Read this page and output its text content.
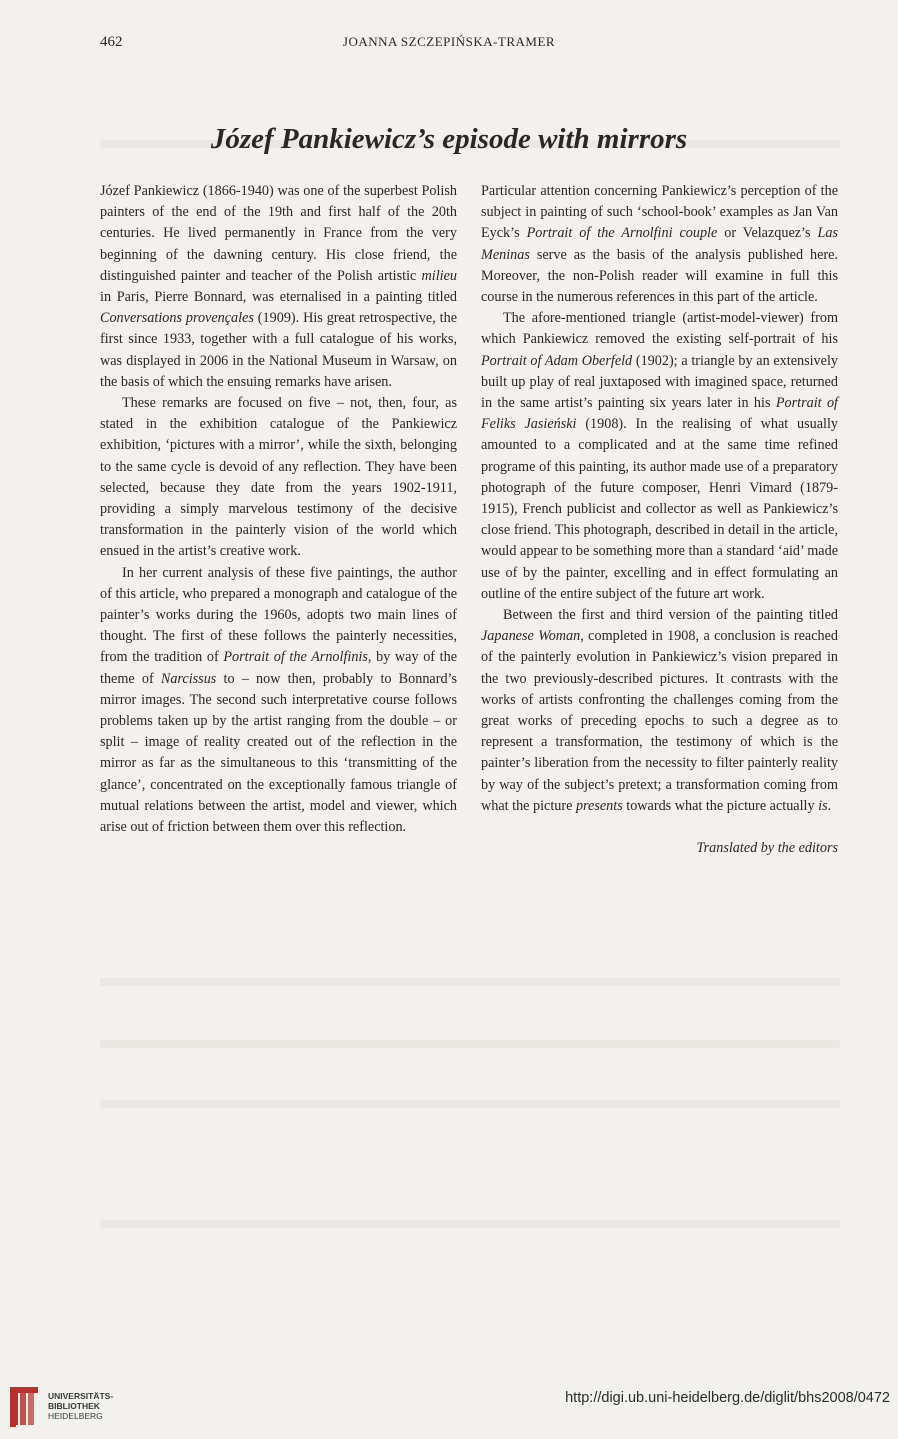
462	JOANNA SZCZEPIŃSKA-TRAMER
Józef Pankiewicz’s episode with mirrors

Józef Pankiewicz (1866-1940) was one of the superbest Polish painters of the end of the 19th and first half of the 20th centuries. He lived permanently in France from the very beginning of the dawning century. His close friend, the distinguished painter and teacher of the Polish artistic milieu in Paris, Pierre Bonnard, was eternalised in a painting titled Conversations provençales (1909). His great retrospective, the first since 1933, together with a full catalogue of his works, was displayed in 2006 in the National Museum in Warsaw, on the basis of which the ensuing remarks have arisen.

These remarks are focused on five – not, then, four, as stated in the exhibition catalogue of the Pankiewicz exhibition, ‘pictures with a mirror’, while the sixth, belonging to the same cycle is devoid of any reflection. They have been selected, because they date from the years 1902-1911, providing a simply marvelous testimony of the decisive transformation in the painterly vision of the world which ensued in the artist’s creative work.

In her current analysis of these five paintings, the author of this article, who prepared a monograph and catalogue of the painter’s works during the 1960s, adopts two main lines of thought. The first of these follows the painterly necessities, from the tradition of Portrait of the Arnolfinis, by way of the theme of Narcissus to – now then, probably to Bonnard’s mirror images. The second such interpretative course follows problems taken up by the artist ranging from the double – or split – image of reality created out of the reflection in the mirror as far as the simultaneous to this ‘transmitting of the glance’, concentrated on the exceptionally famous triangle of mutual relations between the artist, model and viewer, which arise out of friction between them over this reflection.

Particular attention concerning Pankiewicz’s perception of the subject in painting of such ‘school-book’ examples as Jan Van Eyck’s Portrait of the Arnolfini couple or Velazquez’s Las Meninas serve as the basis of the analysis published here. Moreover, the non-Polish reader will examine in full this course in the numerous references in this part of the article.

The afore-mentioned triangle (artist-model-viewer) from which Pankiewicz removed the existing self-portrait of his Portrait of Adam Oberfeld (1902); a triangle by an extensively built up play of real juxtaposed with imagined space, returned in the same artist’s painting six years later in his Portrait of Feliks Jasieński (1908). In the realising of what usually amounted to a complicated and at the same time refined programe of this painting, its author made use of a preparatory photograph of the future composer, Henri Vimard (1879-1915), French publicist and collector as well as Pankiewicz’s close friend. This photograph, described in detail in the article, would appear to be something more than a standard ‘aid’ made use of by the painter, excelling and in effect formulating an outline of the entire subject of the future art work.

Between the first and third version of the painting titled Japanese Woman, completed in 1908, a conclusion is reached of the painterly evolution in Pankiewicz’s vision prepared in the two previously-described pictures. It contrasts with the works of artists confronting the challenges coming from the great works of preceding epochs to such a degree as to represent a transformation, the testimony of which is the painter’s liberation from the necessity to filter painterly reality by way of the subject’s pretext; a transformation coming from what the picture presents towards what the picture actually is.

Translated by the editors

UNIVERSITÄTS-
BIBLIOTHEK
HEIDELBERG
http://digi.ub.uni-heidelberg.de/diglit/bhs2008/0472
